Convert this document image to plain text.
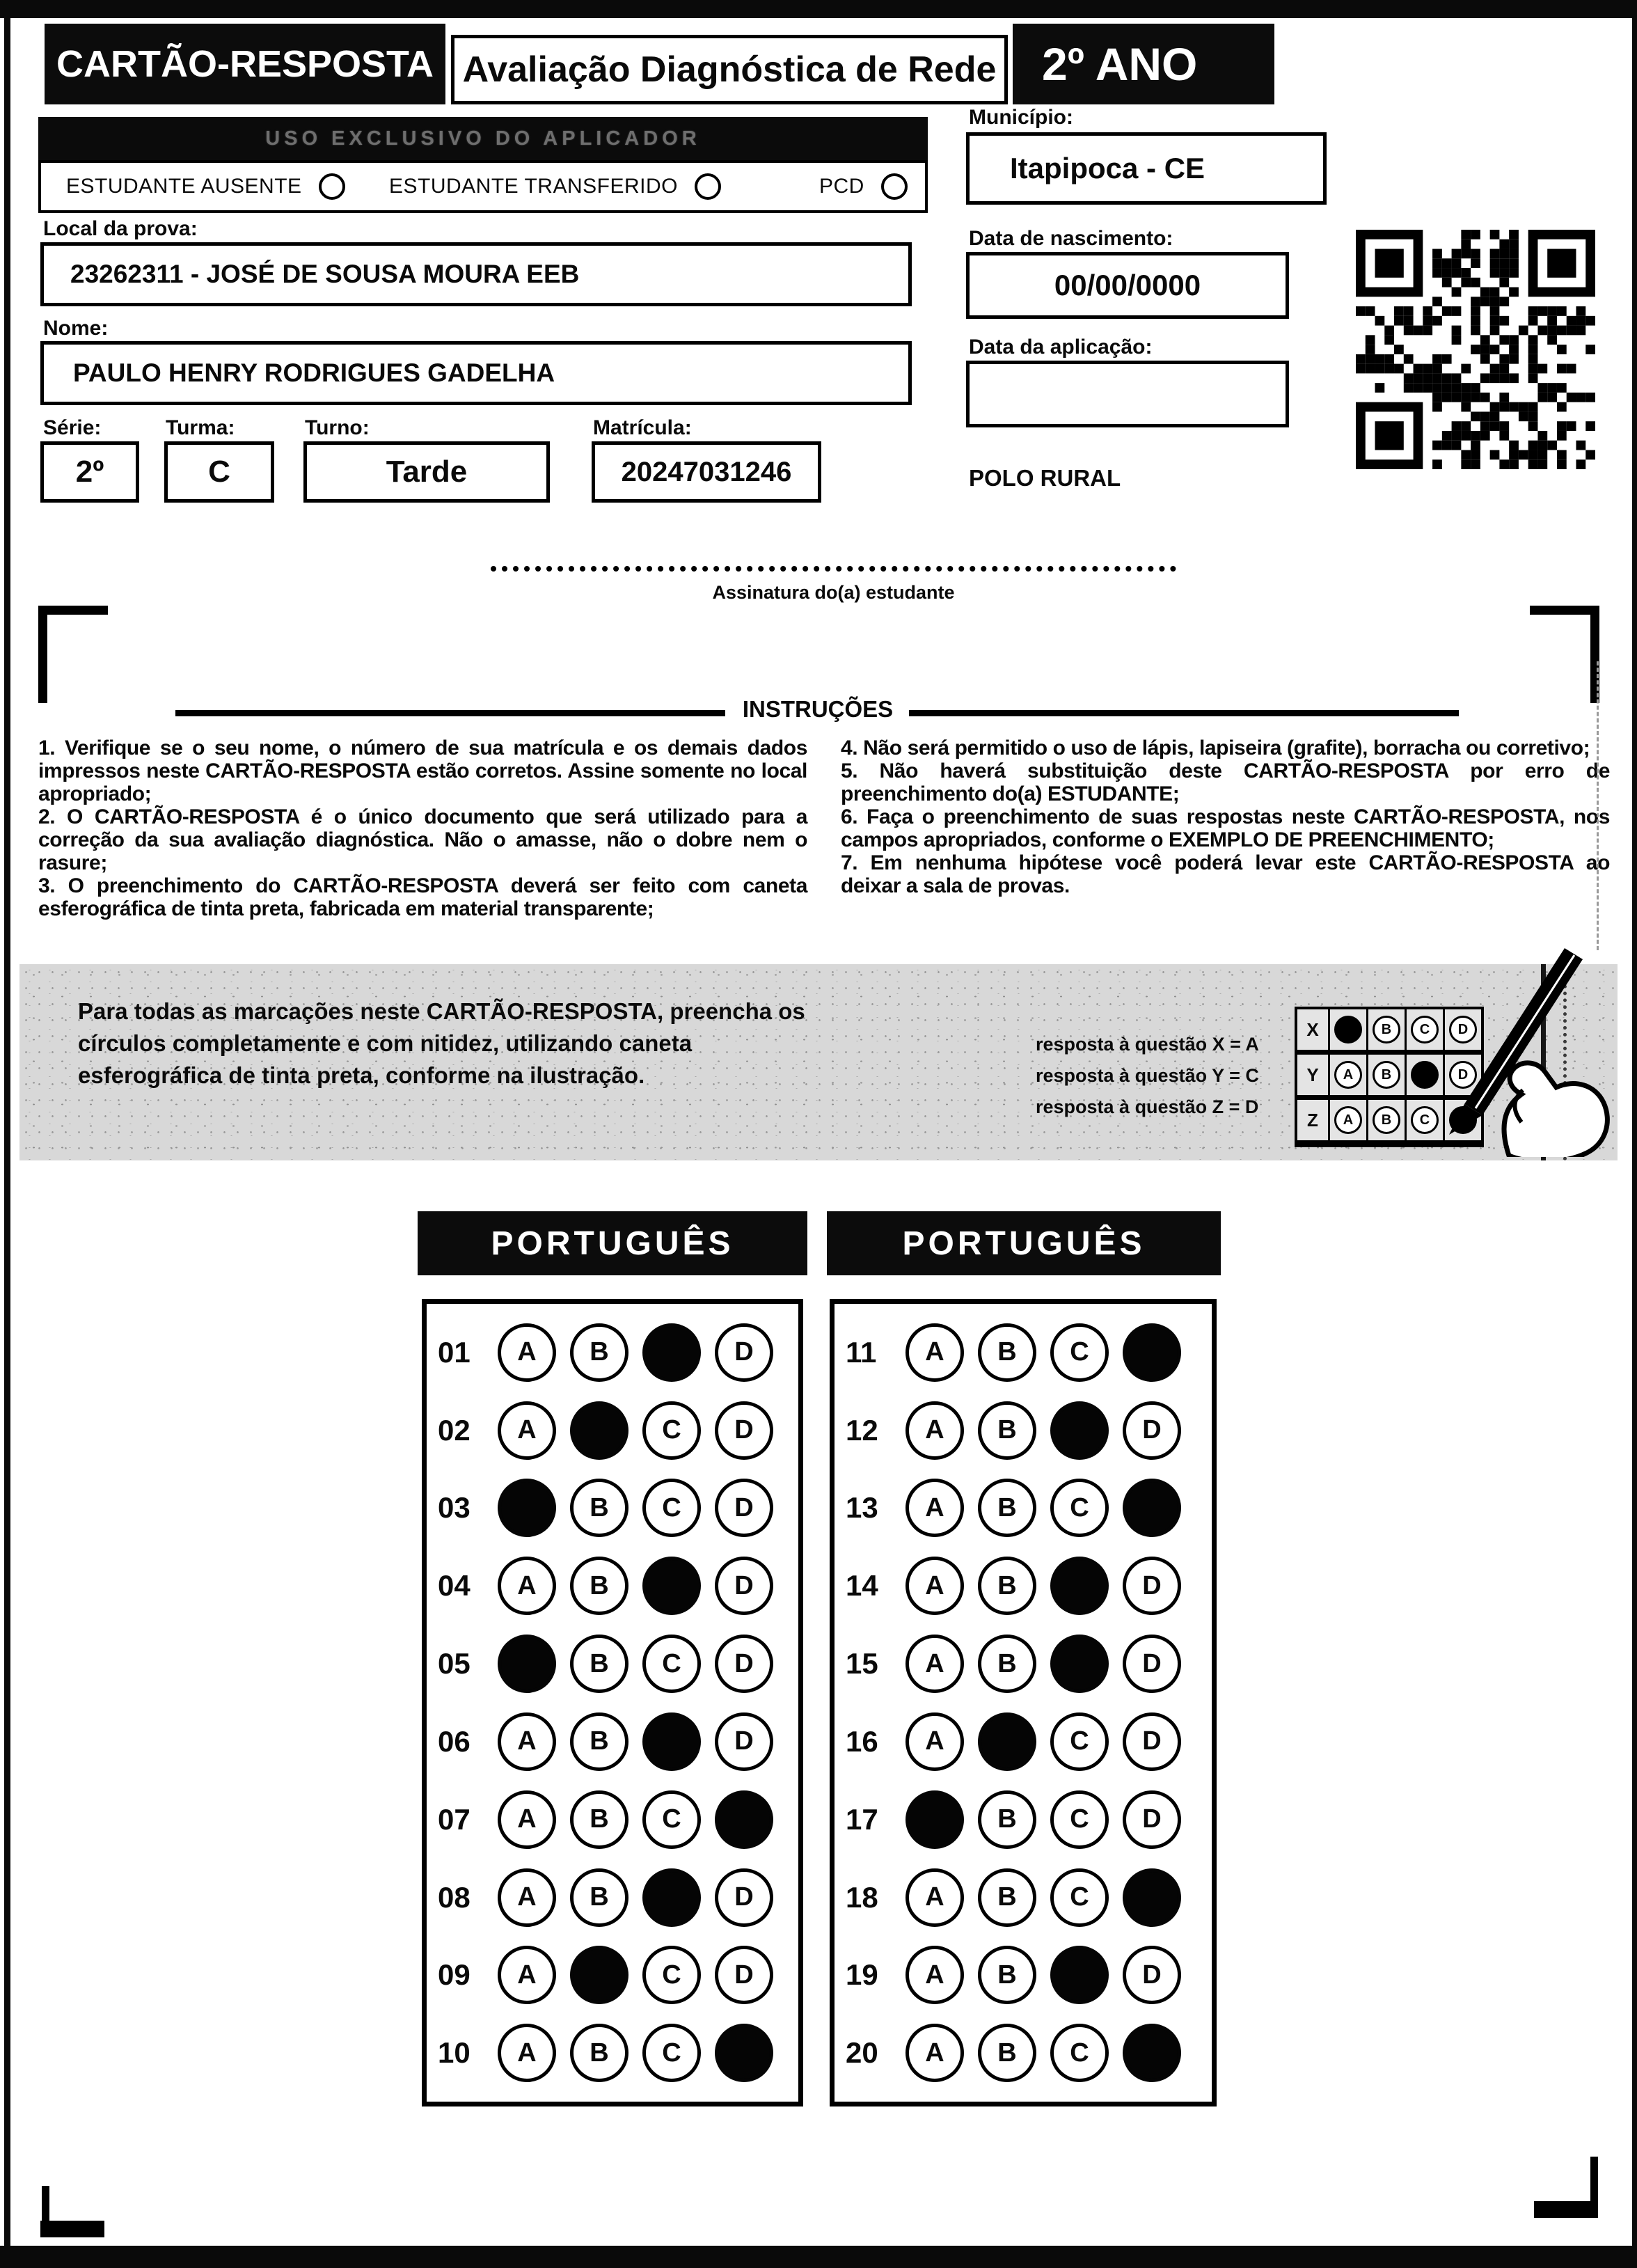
CARTÃO-RESPOSTA Avaliação Diagnóstica de Rede 2º ANO
USO EXCLUSIVO DO APLICADOR
ESTUDANTE AUSENTE	ESTUDANTE TRANSFERIDO	PCD
Local da prova:
23262311 - JOSÉ DE SOUSA MOURA EEB
Nome:
PAULO HENRY RODRIGUES GADELHA
Série:
2º
Turma:
C
Turno:
Tarde
Matrícula:
20247031246
Município:
Itapipoca - CE
Data de nascimento:
00/00/0000
Data da aplicação:
POLO RURAL
Assinatura do(a) estudante
INSTRUÇÕES

1. Verifique se o seu nome, o número de sua matrícula e os demais dados impressos neste CARTÃO-RESPOSTA estão corretos. Assine somente no local apropriado;

2. O CARTÃO-RESPOSTA é o único documento que será utilizado para a correção da sua avaliação diagnóstica. Não o amasse, não o dobre nem o rasure;

3. O preenchimento do CARTÃO-RESPOSTA deverá ser feito com caneta esferográfica de tinta preta, fabricada em material transparente;

4. Não será permitido o uso de lápis, lapiseira (grafite), borracha ou corretivo;

5. Não haverá substituição deste CARTÃO-RESPOSTA por erro de preenchimento do(a) ESTUDANTE;

6. Faça o preenchimento de suas respostas neste CARTÃO-RESPOSTA, nos campos apropriados, conforme o EXEMPLO DE PREENCHIMENTO;

7. Em nenhuma hipótese você poderá levar este CARTÃO-RESPOSTA ao deixar a sala de provas.

Para todas as marcações neste CARTÃO-RESPOSTA, preencha os círculos completamente e com nitidez, utilizando caneta esferográfica de tinta preta, conforme na ilustração.
resposta à questão X = A
resposta à questão Y = C
resposta à questão Z = D
X	B C D
Y	A B	D
Z	A B C
PORTUGUÊS	PORTUGUÊS
01	A B	D
02	A	C D
03	B C D
04	A B	D
05	B C D
06	A B	D
07	A B C
08	A B	D
09	A	C D
10	A B C
11	A B C
12	A B	D
13	A B C
14	A B	D
15	A B	D
16	A	C D
17	B C D
18	A B C
19	A B	D
20	A B C
